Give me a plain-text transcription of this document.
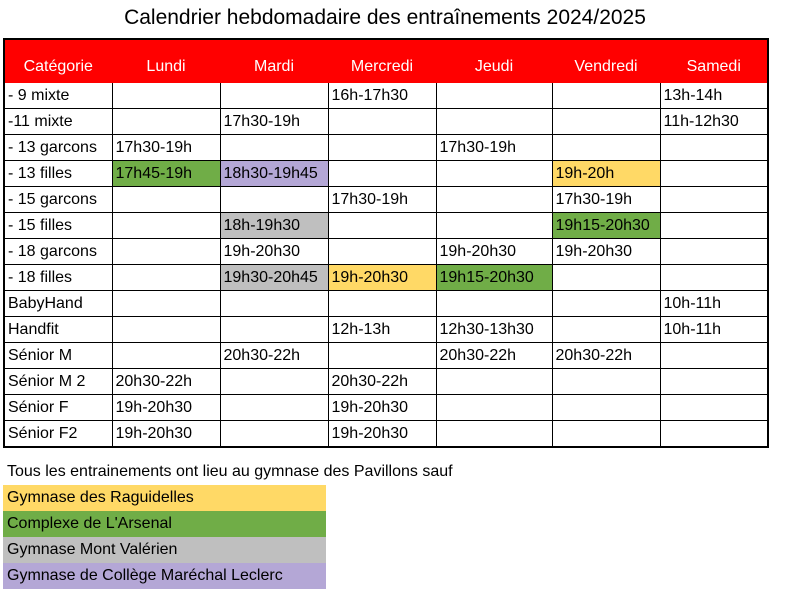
Calendrier hebdomadaire des entraînements 2024/2025
Catégorie	Lundi	Mardi	Mercredi	Jeudi	Vendredi	Samedi
- 9 mixte			16h-17h30			13h-14h
-11 mixte		17h30-19h				11h-12h30
- 13 garcons	17h30-19h			17h30-19h		
- 13 filles	17h45-19h	18h30-19h45			19h-20h	
- 15 garcons			17h30-19h		17h30-19h	
- 15 filles		18h-19h30			19h15-20h30	
- 18 garcons		19h-20h30		19h-20h30	19h-20h30	
- 18 filles		19h30-20h45	19h-20h30	19h15-20h30		
BabyHand						10h-11h
Handfit			12h-13h	12h30-13h30		10h-11h
Sénior M		20h30-22h		20h30-22h	20h30-22h	
Sénior M 2	20h30-22h		20h30-22h			
Sénior F	19h-20h30		19h-20h30			
Sénior F2	19h-20h30		19h-20h30			
Tous les entrainements ont lieu au gymnase des Pavillons sauf
Gymnase des Raguidelles
Complexe de L'Arsenal
Gymnase Mont Valérien
Gymnase de Collège Maréchal Leclerc
